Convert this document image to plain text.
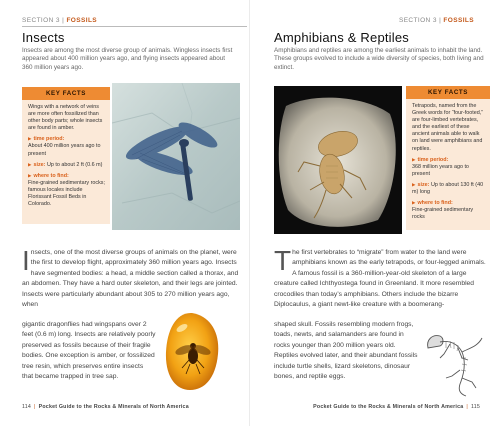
SECTION 3 | FOSSILS
Insects
Insects are among the most diverse group of animals. Wingless insects first appeared about 400 million years ago, and flying insects appeared about 360 million years ago.
KEY FACTS
Wings with a network of veins are more often fossilized than other body parts; whole insects are found in amber.
▶ time period:
About 400 million years ago to present
▶ size: Up to about 2 ft (0.6 m)
▶ where to find:
Fine-grained sedimentary rocks; famous locales include Florissant Fossil Beds in Colorado.
Insects, one of the most diverse groups of animals on the planet, were the first to develop flight, approximately 360 million years ago. Insects have segmented bodies: a head, a middle section called a thorax, and an abdomen. They have a hard outer skeleton, and their legs are jointed. Insects were particularly abundant about 305 to 270 million years ago, when
gigantic dragonflies had wingspans over 2 feet (0.6 m) long. Insects are relatively poorly preserved as fossils because of their fragile bodies. One exception is amber, or fossilized tree resin, which preserves entire insects that became trapped in tree sap.
114 | Pocket Guide to the Rocks & Minerals of North America
SECTION 3 | FOSSILS
Amphibians & Reptiles
Amphibians and reptiles are among the earliest animals to inhabit the land. These groups evolved to include a wide diversity of species, both living and extinct.
KEY FACTS
Tetrapods, named from the Greek words for “four-footed,” are four-limbed vertebrates, and the earliest of these ancient animals able to walk on land were amphibians and reptiles.
▶ time period:
368 million years ago to present
▶ size: Up to about 130 ft (40 m) long
▶ where to find:
Fine-grained sedimentary rocks
The first vertebrates to “migrate” from water to the land were amphibians known as the early tetrapods, or four-legged animals. A famous fossil is a 360-million-year-old skeleton of a large creature called Ichthyostega found in Greenland. It more resembled crocodiles than today’s amphibians. Others include the bizarre Diplocaulus, a giant newt-like creature with a boomerang-
shaped skull. Fossils resembling modern frogs, toads, newts, and salamanders are found in rocks younger than 200 million years old. Reptiles evolved later, and their abundant fossils include turtle shells, lizard skeletons, dinosaur bones, and reptile eggs.
Pocket Guide to the Rocks & Minerals of North America | 115
